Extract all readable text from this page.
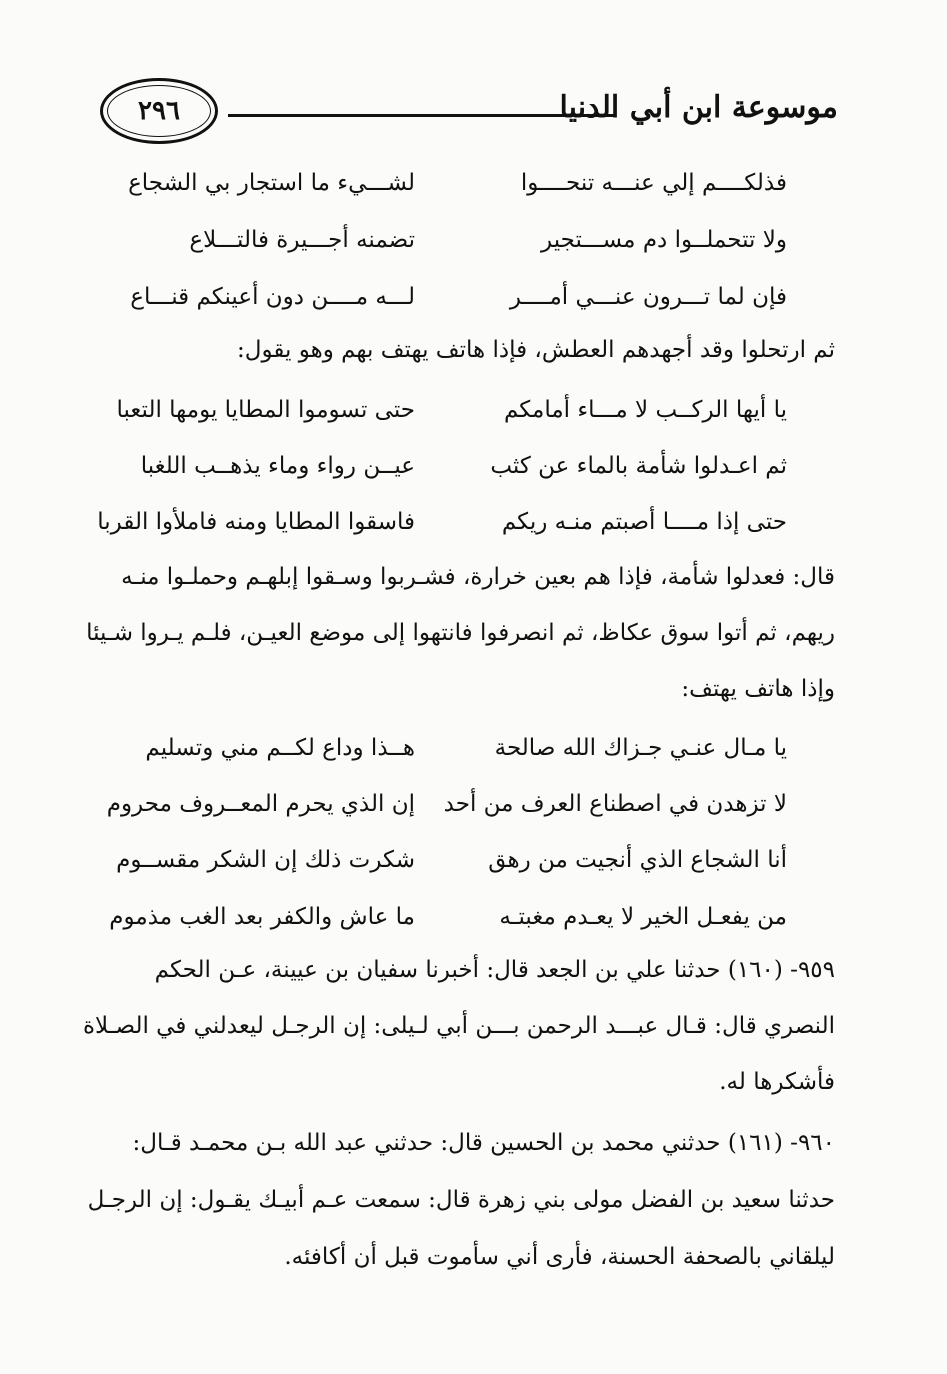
موسوعة ابن أبي الدنيا
٢٩٦
فذلكــــم إلي عنـــه تنحــــوا
لشـــيء ما استجار بي الشجاع
ولا تتحملــوا دم مســـتجير
تضمنه أجـــيرة فالتـــلاع
فإن لما تـــرون عنـــي أمــــر
لـــه مــــن دون أعينكم قنـــاع

ثم ارتحلوا وقد أجهدهم العطش، فإذا هاتف يهتف بهم وهو يقول:

يا أيها الركــب لا مـــاء أمامكم
حتى تسوموا المطايا يومها التعبا
ثم اعـدلوا شأمة بالماء عن كثب
عيــن رواء وماء يذهــب اللغبا
حتى إذا مــــا أصبتم منـه ريكم
فاسقوا المطايا ومنه فاملأوا القربا

قال: فعدلوا شأمة، فإذا هم بعين خرارة، فشـربوا وسـقوا إبلهـم وحملـوا منـه

ريهم، ثم أتوا سوق عكاظ، ثم انصرفوا فانتهوا إلى موضع العيـن، فلـم يـروا شـيئا

وإذا هاتف يهتف:

يا مـال عنـي جـزاك الله صالحة
هــذا وداع لكــم مني وتسليم
لا تزهدن في اصطناع العرف من أحد
إن الذي يحرم المعــروف محروم
أنا الشجاع الذي أنجيت من رهق
شكرت ذلك إن الشكر مقســوم
من يفعـل الخير لا يعـدم مغبتـه
ما عاش والكفر بعد الغب مذموم

٩٥٩- (١٦٠) حدثنا علي بن الجعد قال: أخبرنا سفيان بن عيينة، عـن الحكم

النصري قال: قـال عبـــد الرحمن بـــن أبي لـيلى: إن الرجـل ليعدلني في الصـلاة

فأشكرها له.

٩٦٠- (١٦١) حدثني محمد بن الحسين قال: حدثني عبد الله بـن محمـد قـال:

حدثنا سعيد بن الفضل مولى بني زهرة قال: سمعت عـم أبيـك يقـول: إن الرجـل

ليلقاني بالصحفة الحسنة، فأرى أني سأموت قبل أن أكافئه.
